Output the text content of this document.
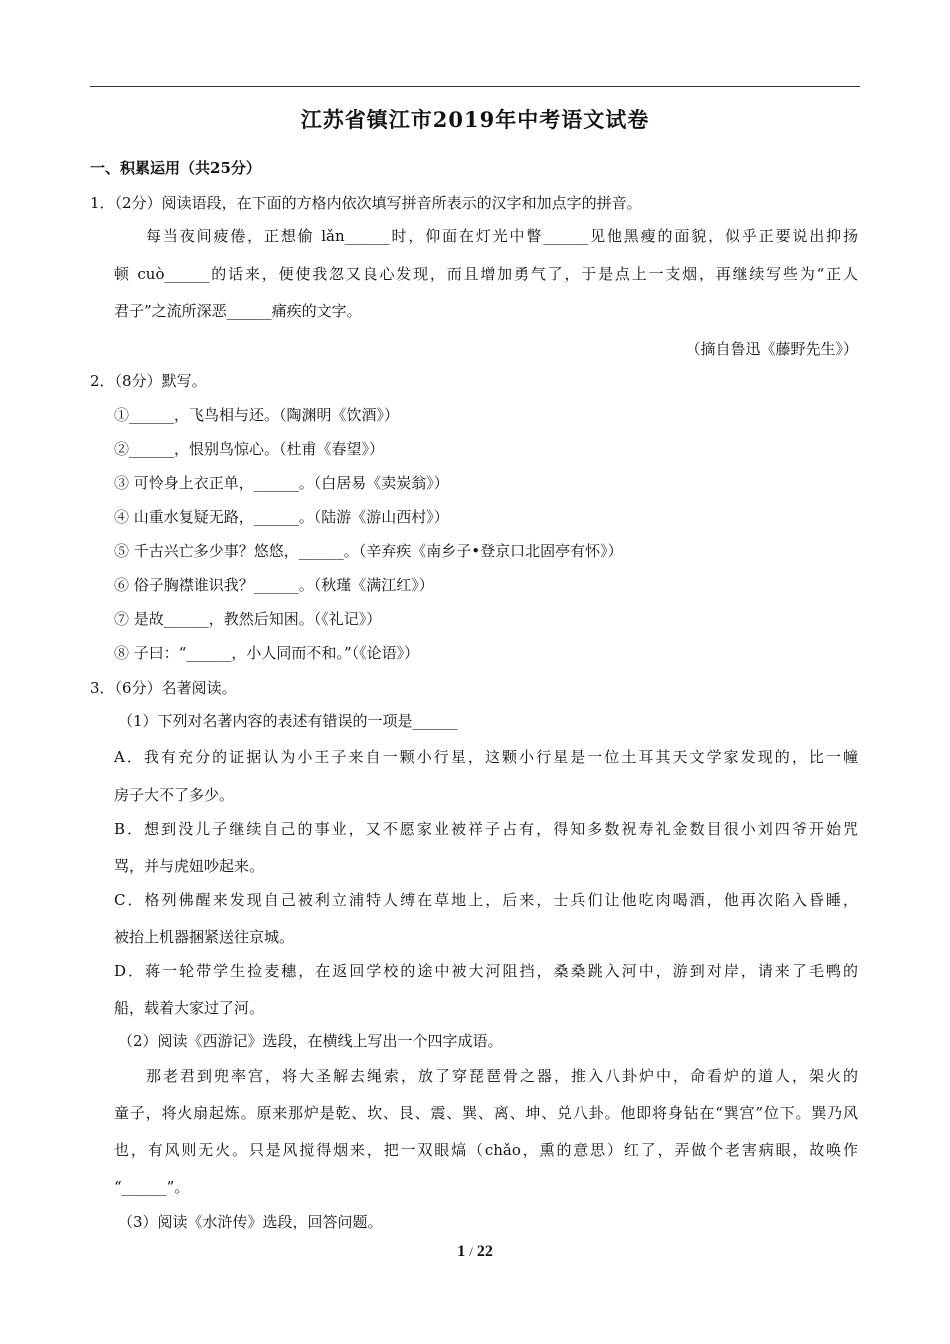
江苏省镇江市2019年中考语文试卷
一、积累运用（共25分）
1．（2分）阅读语段，在下面的方格内依次填写拼音所表示的汉字和加点字的拼音。
每当夜间疲倦，正想偷 lǎn______时，仰面在灯光中瞥______见他黑瘦的面貌，似乎正要说出抑扬
顿 cuò______的话来，便使我忽又良心发现，而且增加勇气了，于是点上一支烟，再继续写些为“正人
君子”之流所深恶______痛疾的文字。
（摘自鲁迅《藤野先生》）
2．（8分）默写。
①______，飞鸟相与还。（陶渊明《饮酒》）
②______，恨别鸟惊心。（杜甫《春望》）
③ 可怜身上衣正单，______。（白居易《卖炭翁》）
④ 山重水复疑无路，______。（陆游《游山西村》）
⑤ 千古兴亡多少事？悠悠，______。（辛弃疾《南乡子•登京口北固亭有怀》）
⑥ 俗子胸襟谁识我？______。（秋瑾《满江红》）
⑦ 是故______，教然后知困。（《礼记》）
⑧ 子曰：“______，小人同而不和。”（《论语》）
3．（6分）名著阅读。
（1）下列对名著内容的表述有错误的一项是______
A．我有充分的证据认为小王子来自一颗小行星，这颗小行星是一位土耳其天文学家发现的，比一幢
房子大不了多少。
B．想到没儿子继续自己的事业，又不愿家业被祥子占有，得知多数祝寿礼金数目很小刘四爷开始咒
骂，并与虎妞吵起来。
C．格列佛醒来发现自己被利立浦特人缚在草地上，后来，士兵们让他吃肉喝酒，他再次陷入昏睡，
被抬上机器捆紧送往京城。
D．蒋一轮带学生捡麦穗，在返回学校的途中被大河阻挡，桑桑跳入河中，游到对岸，请来了毛鸭的
船，载着大家过了河。
（2）阅读《西游记》选段，在横线上写出一个四字成语。
那老君到兜率宫，将大圣解去绳索，放了穿琵琶骨之器，推入八卦炉中，命看炉的道人，架火的
童子，将火扇起炼。原来那炉是乾、坎、艮、震、巽、离、坤、兑八卦。他即将身钻在“巽宫”位下。巽乃风
也，有风则无火。只是风搅得烟来，把一双眼熇（chǎo，熏的意思）红了，弄做个老害病眼，故唤作
“______”。
（3）阅读《水浒传》选段，回答问题。
1 / 22
